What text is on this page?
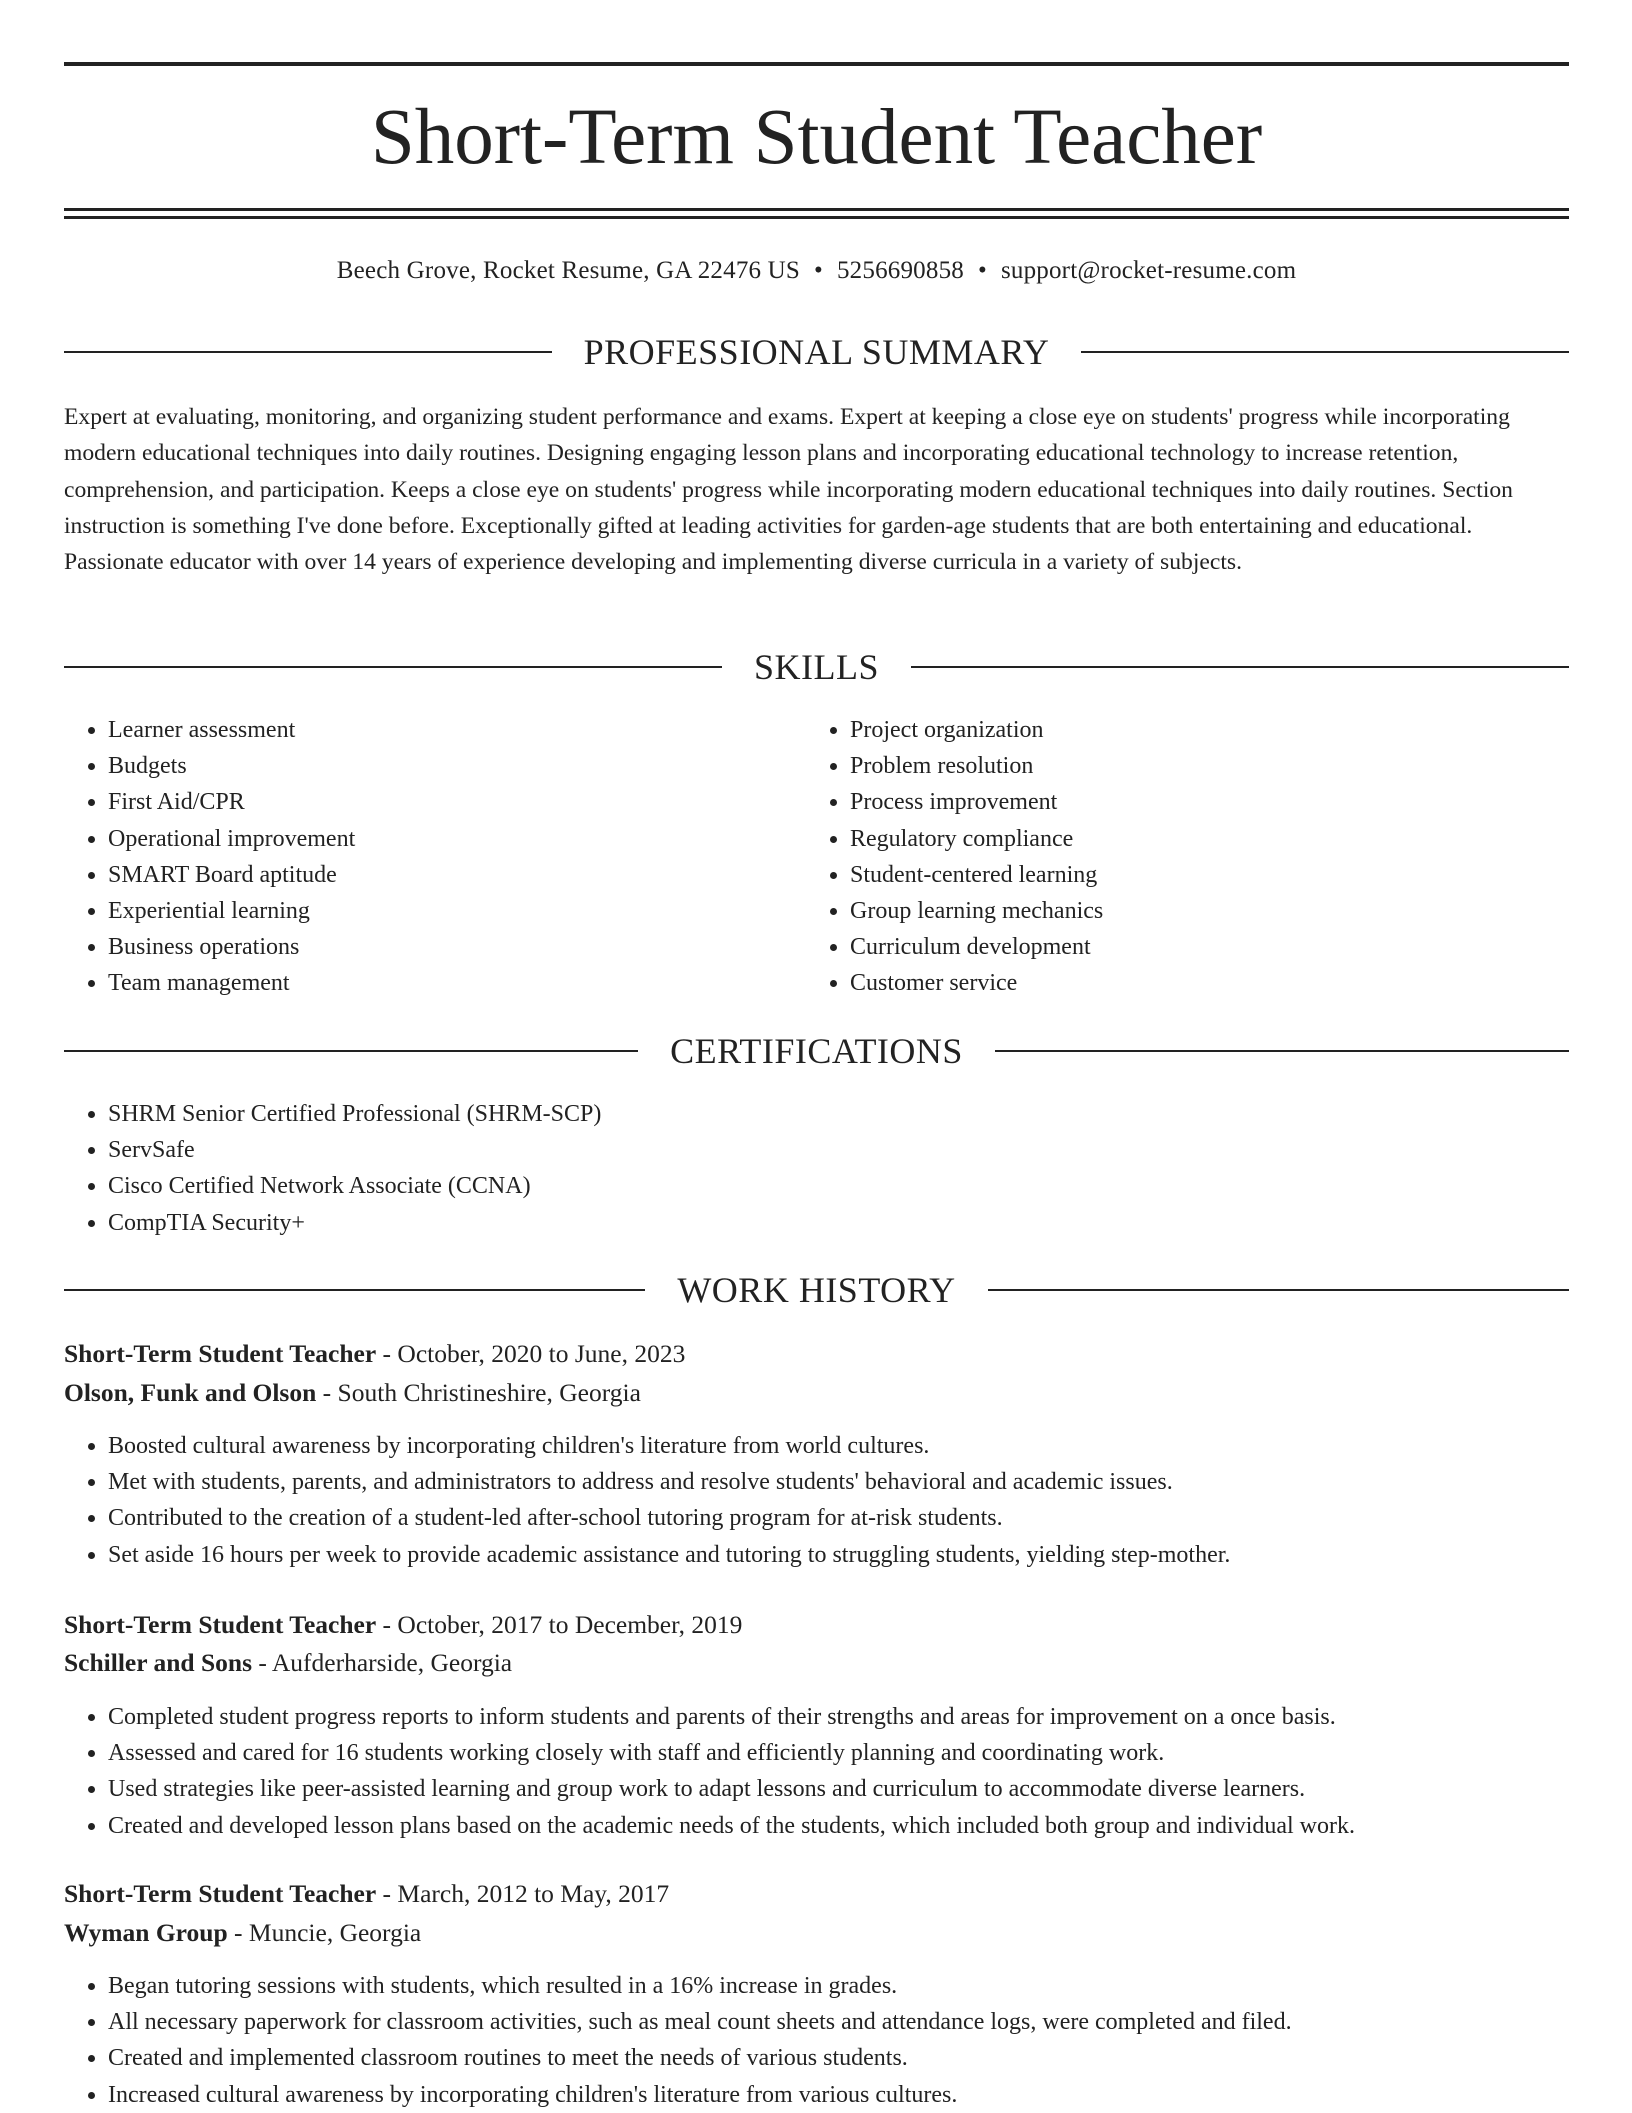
Short-Term Student Teacher
Beech Grove, Rocket Resume, GA 22476 US • 5256690858 • support@rocket-resume.com
PROFESSIONAL SUMMARY

Expert at evaluating, monitoring, and organizing student performance and exams. Expert at keeping a close eye on students' progress while incorporating modern educational techniques into daily routines. Designing engaging lesson plans and incorporating educational technology to increase retention, comprehension, and participation. Keeps a close eye on students' progress while incorporating modern educational techniques into daily routines. Section instruction is something I've done before. Exceptionally gifted at leading activities for garden-age students that are both entertaining and educational. Passionate educator with over 14 years of experience developing and implementing diverse curricula in a variety of subjects.

SKILLS
• Learner assessment
• Budgets
• First Aid/CPR
• Operational improvement
• SMART Board aptitude
• Experiential learning
• Business operations
• Team management
• Project organization
• Problem resolution
• Process improvement
• Regulatory compliance
• Student-centered learning
• Group learning mechanics
• Curriculum development
• Customer service
CERTIFICATIONS
• SHRM Senior Certified Professional (SHRM-SCP)
• ServSafe
• Cisco Certified Network Associate (CCNA)
• CompTIA Security+
WORK HISTORY
Short-Term Student Teacher - October, 2020 to June, 2023
Olson, Funk and Olson - South Christineshire, Georgia
• Boosted cultural awareness by incorporating children's literature from world cultures.
• Met with students, parents, and administrators to address and resolve students' behavioral and academic issues.
• Contributed to the creation of a student-led after-school tutoring program for at-risk students.
• Set aside 16 hours per week to provide academic assistance and tutoring to struggling students, yielding step-mother.
Short-Term Student Teacher - October, 2017 to December, 2019
Schiller and Sons - Aufderharside, Georgia
• Completed student progress reports to inform students and parents of their strengths and areas for improvement on a once basis.
• Assessed and cared for 16 students working closely with staff and efficiently planning and coordinating work.
• Used strategies like peer-assisted learning and group work to adapt lessons and curriculum to accommodate diverse learners.
• Created and developed lesson plans based on the academic needs of the students, which included both group and individual work.
Short-Term Student Teacher - March, 2012 to May, 2017
Wyman Group - Muncie, Georgia
• Began tutoring sessions with students, which resulted in a 16% increase in grades.
• All necessary paperwork for classroom activities, such as meal count sheets and attendance logs, were completed and filed.
• Created and implemented classroom routines to meet the needs of various students.
• Increased cultural awareness by incorporating children's literature from various cultures.
